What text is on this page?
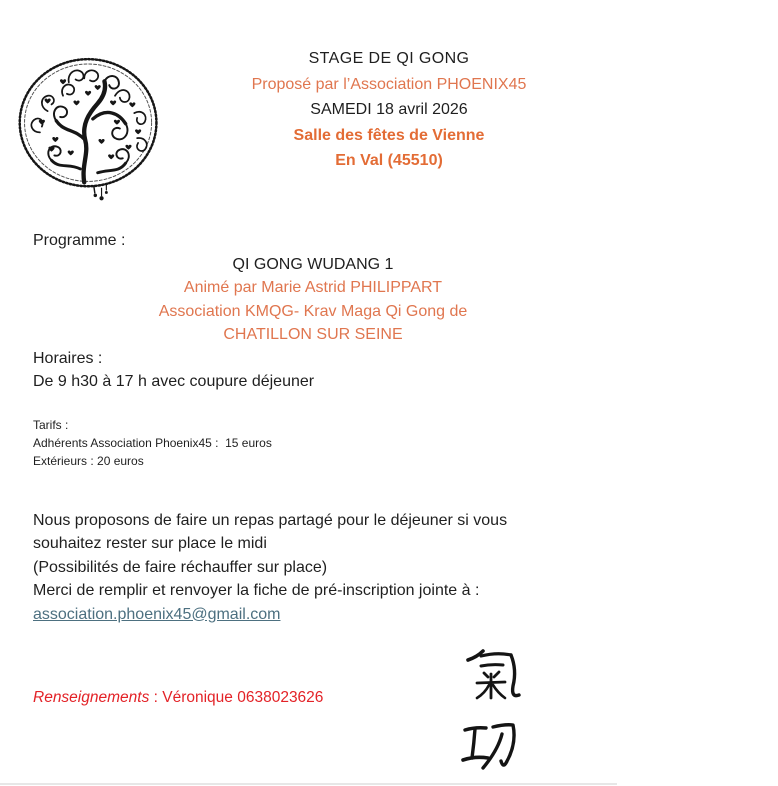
STAGE DE QI GONG
Proposé par l’Association PHOENIX45
SAMEDI 18 avril 2026
Salle des fêtes de Vienne
En Val (45510)
Programme :
QI GONG WUDANG 1
Animé par Marie Astrid PHILIPPART
Association KMQG- Krav Maga Qi Gong de
CHATILLON SUR SEINE
Horaires :
De 9 h30 à 17 h avec coupure déjeuner
Tarifs :
Adhérents Association Phoenix45 :  15 euros
Extérieurs : 20 euros
Nous proposons de faire un repas partagé pour le déjeuner si vous
souhaitez rester sur place le midi
(Possibilités de faire réchauffer sur place)
Merci de remplir et renvoyer la fiche de pré-inscription jointe à :
association.phoenix45@gmail.com
Renseignements : Véronique 0638023626
